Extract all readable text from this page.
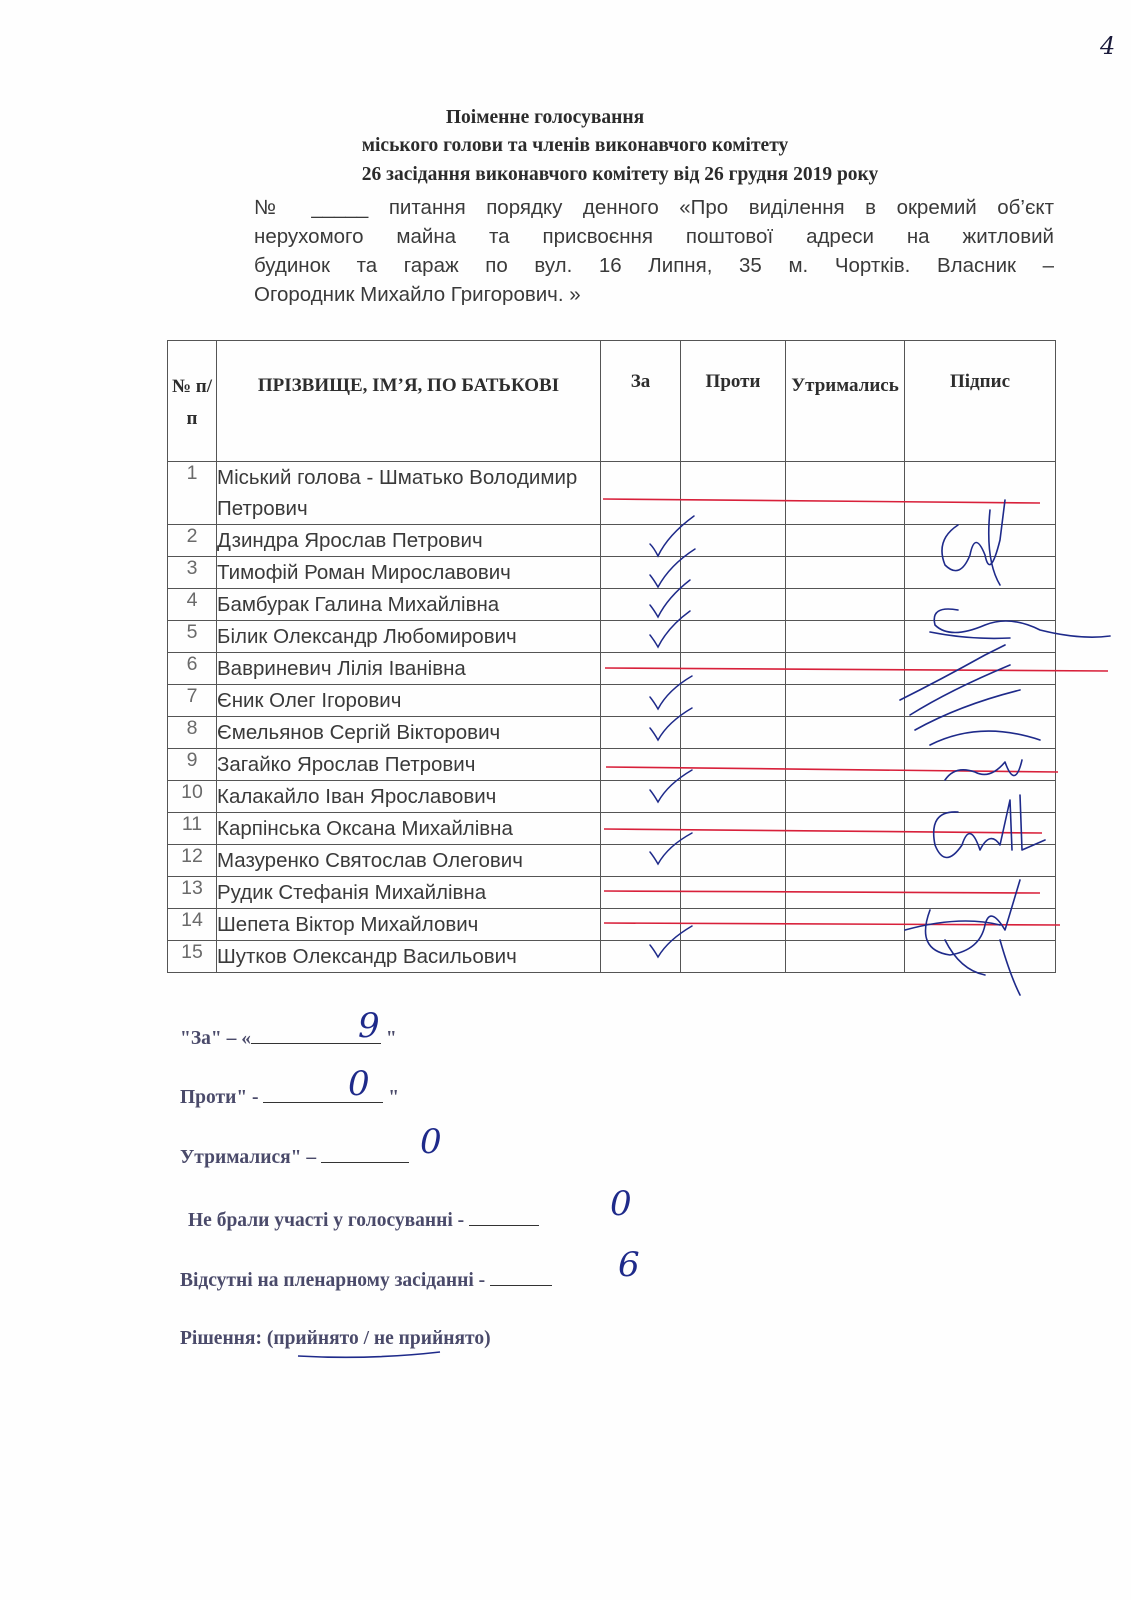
4
Поіменне голосування
міського голови та членів виконавчого комітету
26 засідання виконавчого комітету від 26 грудня 2019 року
№ _____ питання порядку денного «Про виділення в окремий об’єкт
нерухомого майна та присвоєння поштової адреси на житловий
будинок та гараж по вул. 16 Липня, 35 м. Чортків. Власник –
Огородник Михайло Григорович. »
№ п/п	ПРІЗВИЩЕ, ІМ’Я, ПО БАТЬКОВІ	За	Проти	Утримались	Підпис
1	Міський голова - Шматько Володимир Петрович				
2	Дзиндра Ярослав Петрович				
3	Тимофій Роман Мирославович				
4	Бамбурак Галина Михайлівна				
5	Білик Олександр Любомирович				
6	Вавриневич Лілія Іванівна				
7	Єник Олег Ігорович				
8	Ємельянов Сергій Вікторович				
9	Загайко Ярослав Петрович				
10	Калакайло Іван Ярославович				
11	Карпінська Оксана Михайлівна				
12	Мазуренко Святослав Олегович				
13	Рудик Стефанія Михайлівна				
14	Шепета Віктор Михайлович				
15	Шутков Олександр Васильович				
"За" – «	"
9
Проти" -	"
0
Утрималися" –	0
Не брали участі у голосуванні -	0
Відсутні на пленарному засіданні -	6
Рішення: (прийнято / не прийнято)
